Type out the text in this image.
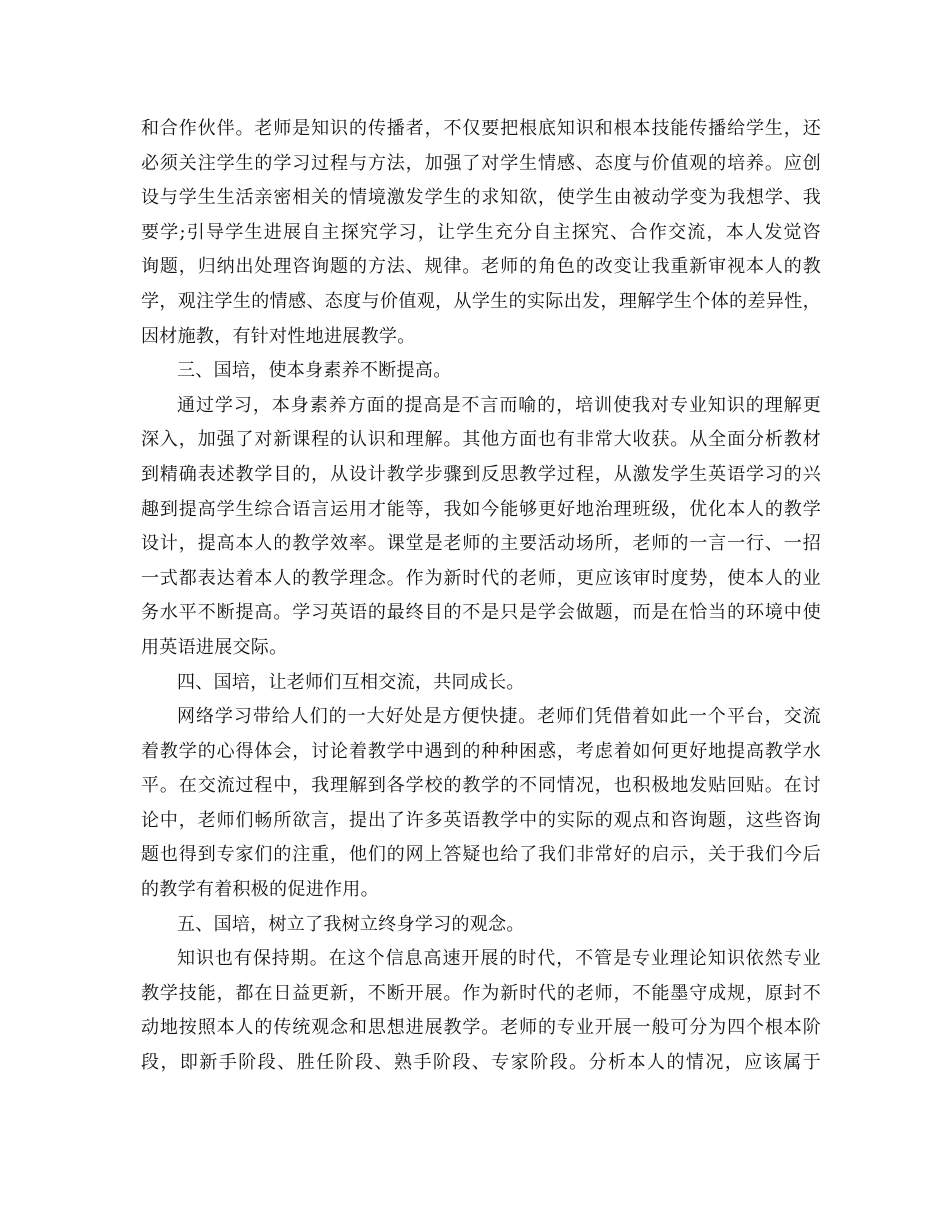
和合作伙伴。老师是知识的传播者，不仅要把根底知识和根本技能传播给学生，还
必须关注学生的学习过程与方法，加强了对学生情感、态度与价值观的培养。应创
设与学生生活亲密相关的情境激发学生的求知欲，使学生由被动学变为我想学、我
要学;引导学生进展自主探究学习，让学生充分自主探究、合作交流，本人发觉咨
询题，归纳出处理咨询题的方法、规律。老师的角色的改变让我重新审视本人的教
学，观注学生的情感、态度与价值观，从学生的实际出发，理解学生个体的差异性，
因材施教，有针对性地进展教学。
三、国培，使本身素养不断提高。
通过学习，本身素养方面的提高是不言而喻的，培训使我对专业知识的理解更
深入，加强了对新课程的认识和理解。其他方面也有非常大收获。从全面分析教材
到精确表述教学目的，从设计教学步骤到反思教学过程，从激发学生英语学习的兴
趣到提高学生综合语言运用才能等，我如今能够更好地治理班级，优化本人的教学
设计，提高本人的教学效率。课堂是老师的主要活动场所，老师的一言一行、一招
一式都表达着本人的教学理念。作为新时代的老师，更应该审时度势，使本人的业
务水平不断提高。学习英语的最终目的不是只是学会做题，而是在恰当的环境中使
用英语进展交际。
四、国培，让老师们互相交流，共同成长。
网络学习带给人们的一大好处是方便快捷。老师们凭借着如此一个平台，交流
着教学的心得体会，讨论着教学中遇到的种种困惑，考虑着如何更好地提高教学水
平。在交流过程中，我理解到各学校的教学的不同情况，也积极地发贴回贴。在讨
论中，老师们畅所欲言，提出了许多英语教学中的实际的观点和咨询题，这些咨询
题也得到专家们的注重，他们的网上答疑也给了我们非常好的启示，关于我们今后
的教学有着积极的促进作用。
五、国培，树立了我树立终身学习的观念。
知识也有保持期。在这个信息高速开展的时代，不管是专业理论知识依然专业
教学技能，都在日益更新，不断开展。作为新时代的老师，不能墨守成规，原封不
动地按照本人的传统观念和思想进展教学。老师的专业开展一般可分为四个根本阶
段，即新手阶段、胜任阶段、熟手阶段、专家阶段。分析本人的情况，应该属于
